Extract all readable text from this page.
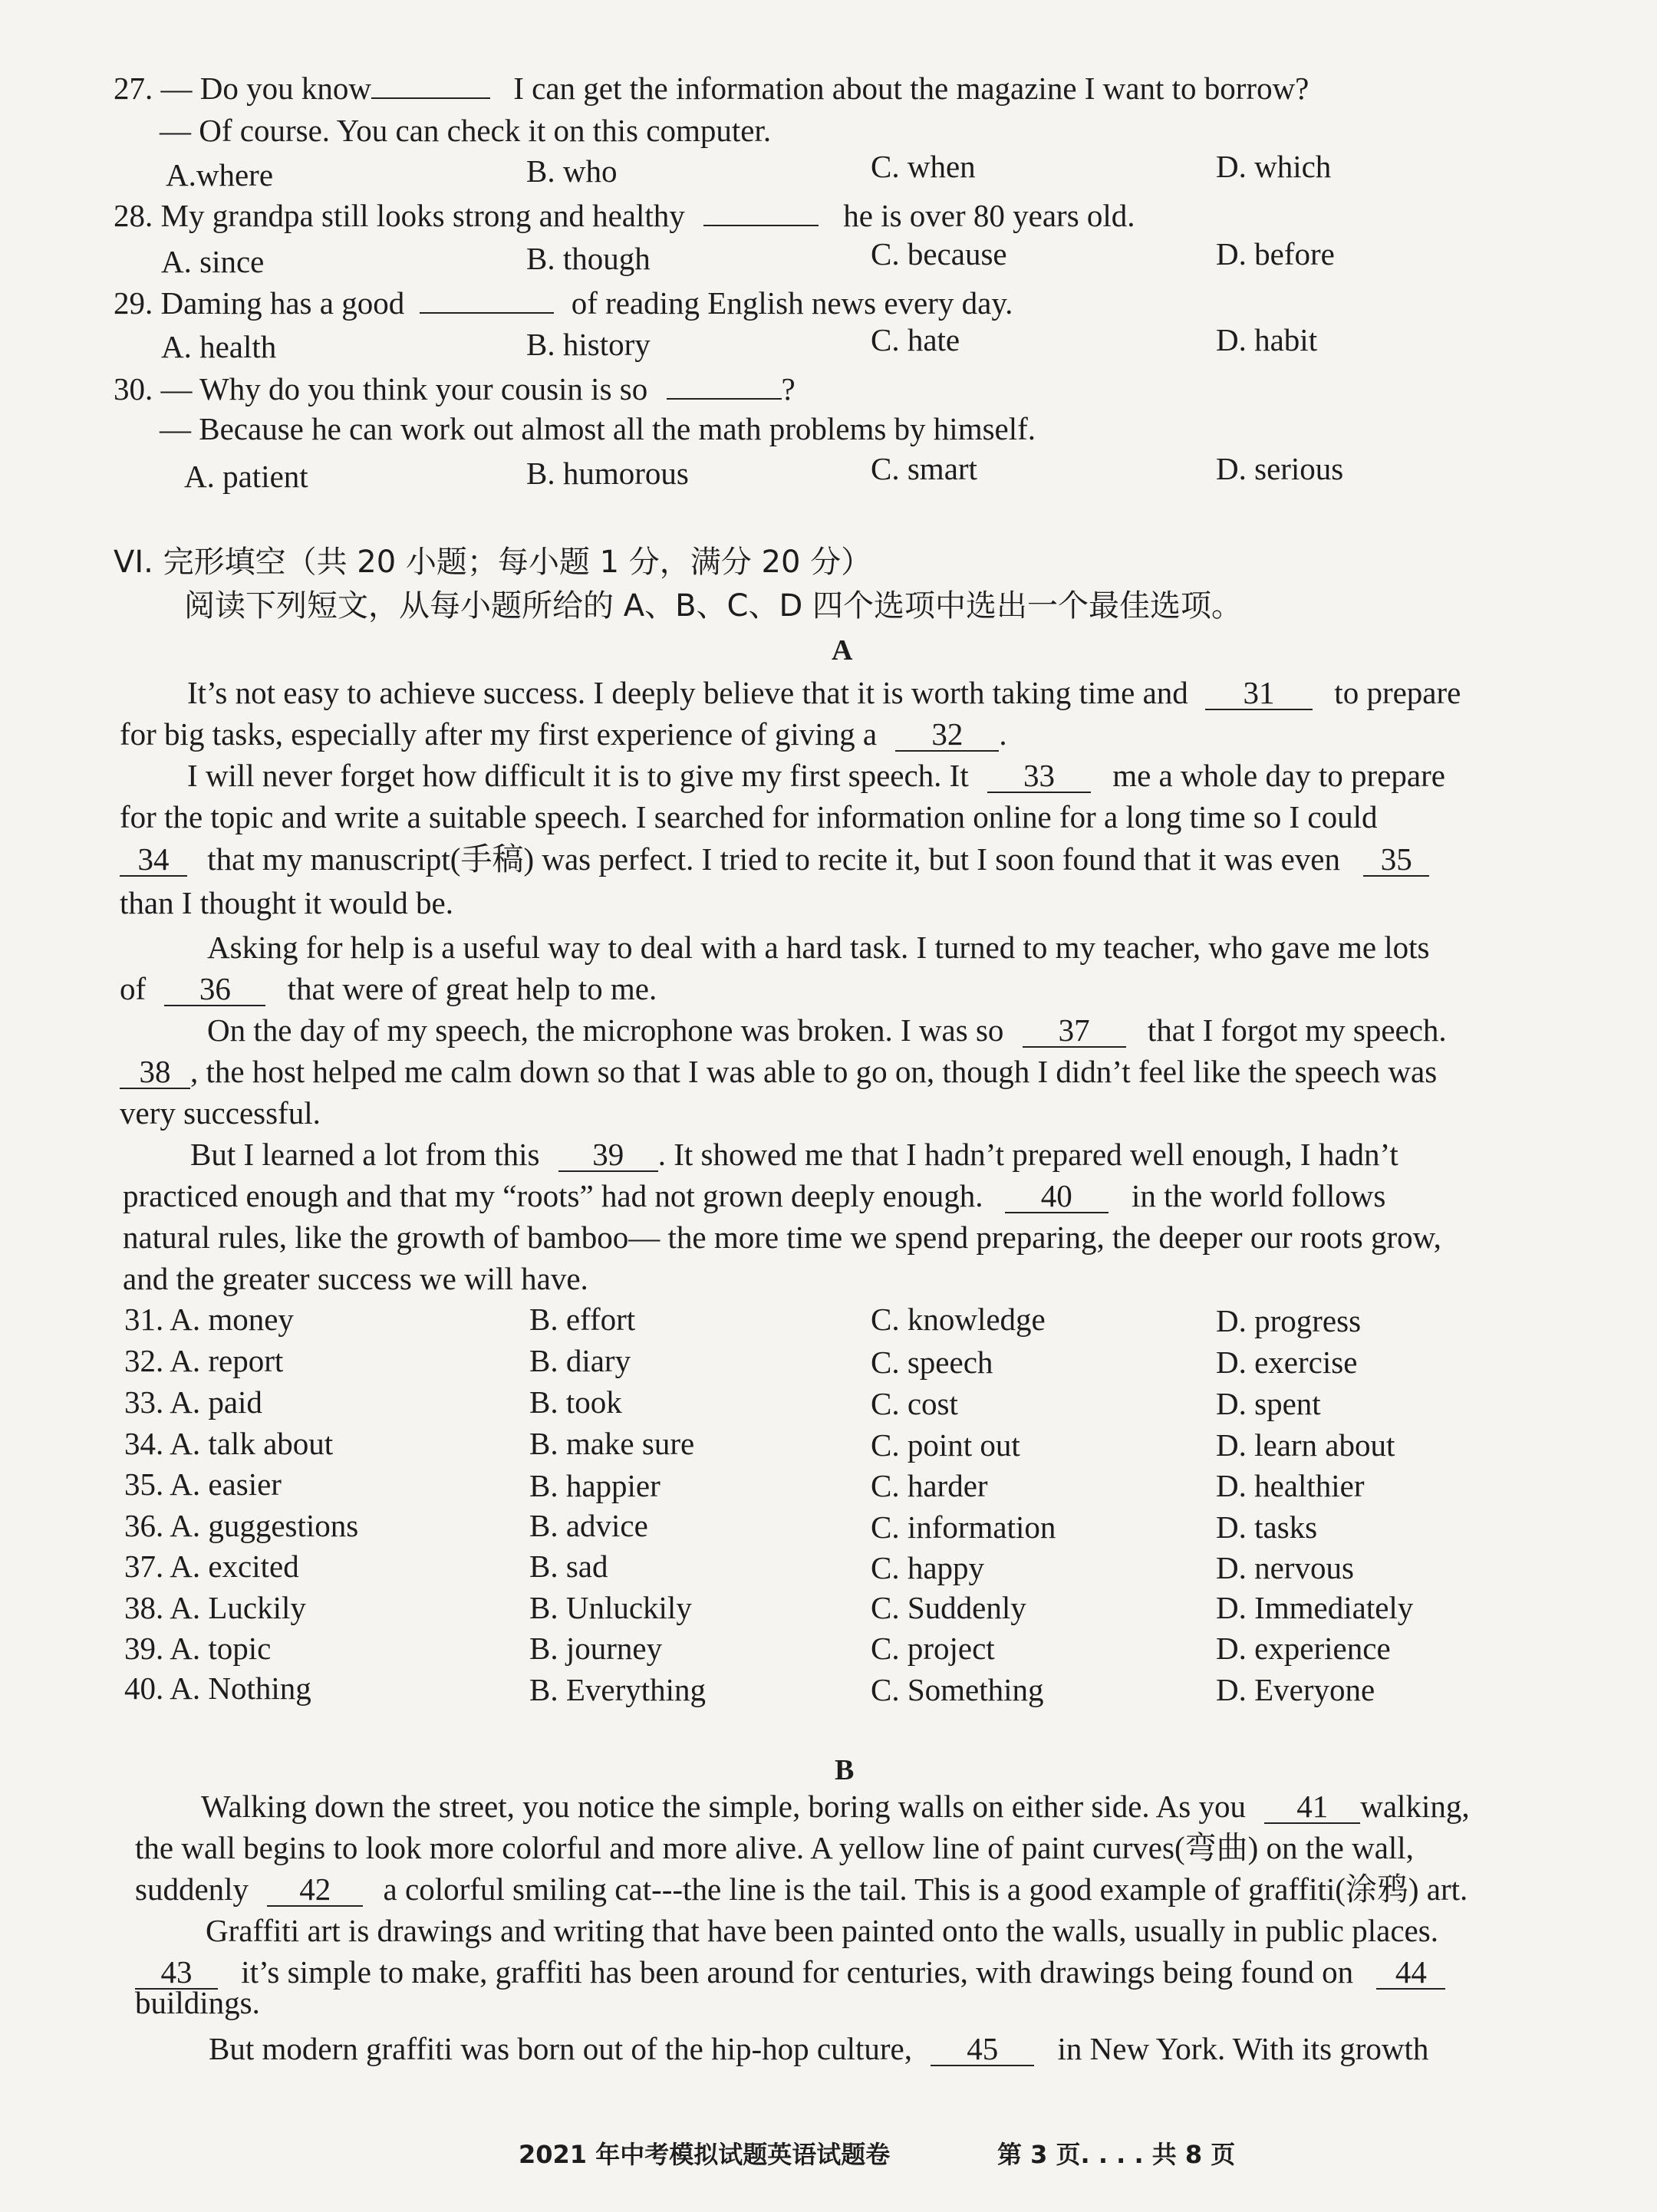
27. — Do you know	I can get the information about the magazine I want to borrow?
— Of course. You can check it on this computer.
A.where	B. who	C. when	D. which
28. My grandpa still looks strong and healthy	he is over 80 years old.
A. since	B. though	C. because	D. before
29. Daming has a good	of reading English news every day.
A. health	B. history	C. hate	D. habit
30. — Why do you think your cousin is so	?
— Because he can work out almost all the math problems by himself.
A. patient	B. humorous	C. smart	D. serious
VI. 完形填空（共 20 小题；每小题 1 分，满分 20 分）
阅读下列短文，从每小题所给的 A、B、C、D 四个选项中选出一个最佳选项。
A
It’s not easy to achieve success. I deeply believe that it is worth taking time and 31 to prepare
for big tasks, especially after my first experience of giving a 32 .
I will never forget how difficult it is to give my first speech. It 33 me a whole day to prepare
for the topic and write a suitable speech. I searched for information online for a long time so I could
34 that my manuscript(手稿) was perfect. I tried to recite it, but I soon found that it was even 35
than I thought it would be.
Asking for help is a useful way to deal with a hard task. I turned to my teacher, who gave me lots
of 36 that were of great help to me.
On the day of my speech, the microphone was broken. I was so 37 that I forgot my speech.
38 , the host helped me calm down so that I was able to go on, though I didn’t feel like the speech was
very successful.
But I learned a lot from this 39 . It showed me that I hadn’t prepared well enough, I hadn’t
practiced enough and that my “roots” had not grown deeply enough. 40 in the world follows
natural rules, like the growth of bamboo— the more time we spend preparing, the deeper our roots grow,
and the greater success we will have.
31. A. money	B. effort	C. knowledge	D. progress
32. A. report	B. diary	C. speech	D. exercise
33. A. paid	B. took	C. cost	D. spent
34. A. talk about	B. make sure	C. point out	D. learn about
35. A. easier	B. happier	C. harder	D. healthier
36. A. guggestions	B. advice	C. information	D. tasks
37. A. excited	B. sad	C. happy	D. nervous
38. A. Luckily	B. Unluckily	C. Suddenly	D. Immediately
39. A. topic	B. journey	C. project	D. experience
40. A. Nothing	B. Everything	C. Something	D. Everyone
B
Walking down the street, you notice the simple, boring walls on either side. As you 41 walking,
the wall begins to look more colorful and more alive. A yellow line of paint curves(弯曲) on the wall,
suddenly 42 a colorful smiling cat---the line is the tail. This is a good example of graffiti(涂鸦) art.
Graffiti art is drawings and writing that have been painted onto the walls, usually in public places.
43 it’s simple to make, graffiti has been around for centuries, with drawings being found on 44
buildings.
But modern graffiti was born out of the hip-hop culture, 45 in New York. With its growth
2021 年中考模拟试题英语试题卷	第 3 页. . . . 共 8 页
